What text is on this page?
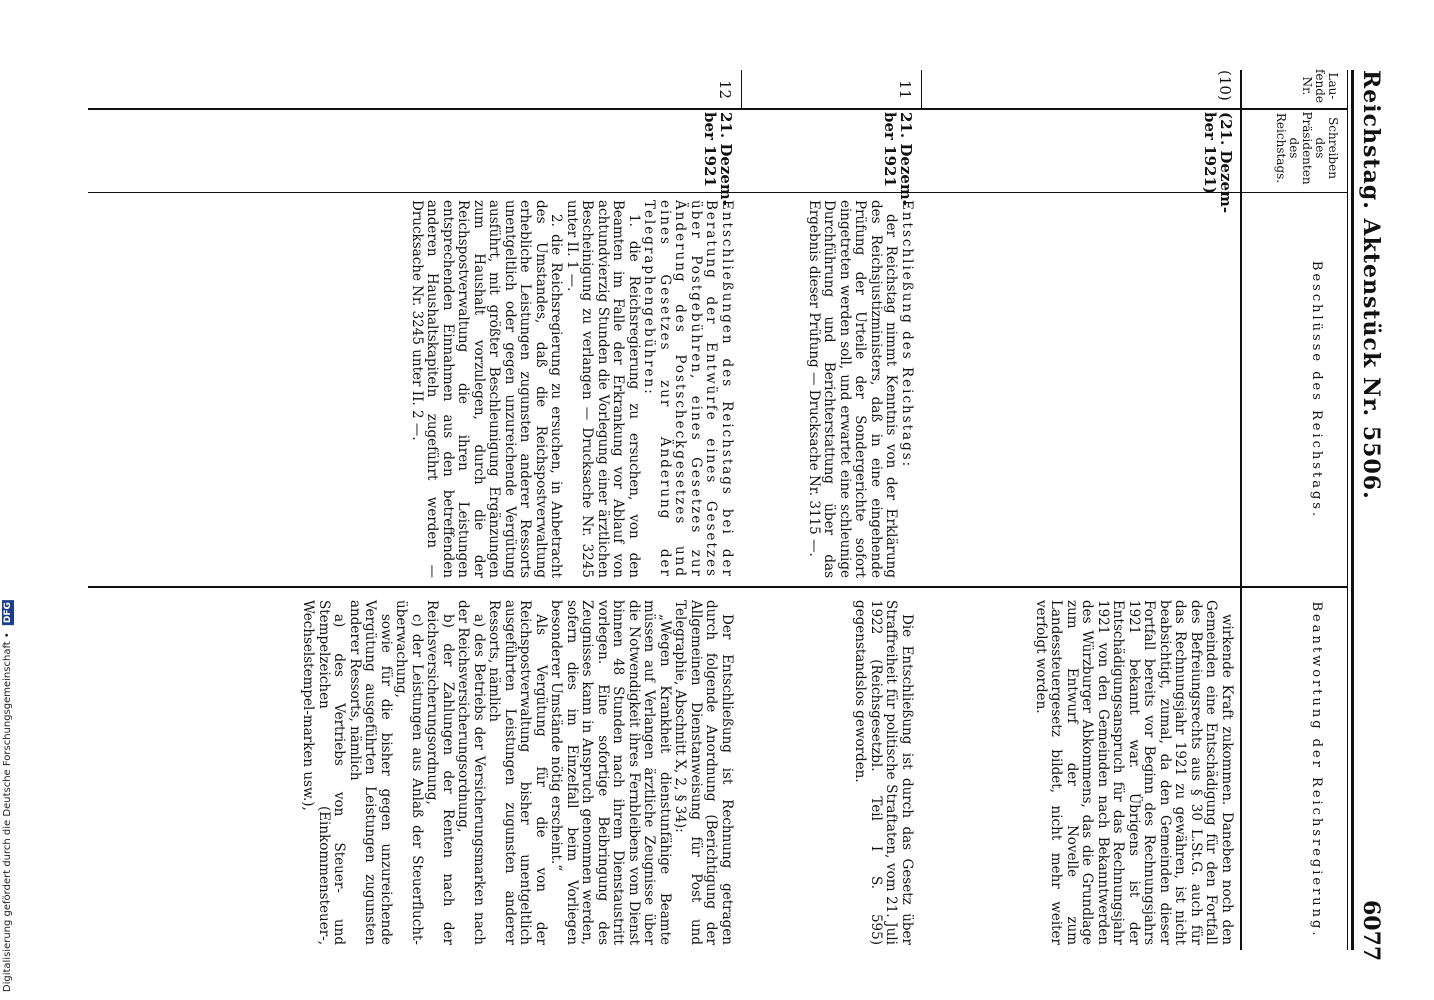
Reichstag. Aktenstück Nr. 5506.
6077
Lau-
fende
Nr.
Schreiben
des
Präsidenten
des
Reichstags.
Beschlüsse des Reichstags.
Beantwortung der Reichsregierung.
(10)
(21. Dezem-
ber 1921)

wirkende Kraft zukommen. Daneben noch den Gemeinden eine Entschädigung für den Fortfall des Befreiungsrechts aus § 30 L.St.G. auch für das Rechnungsjahr 1921 zu gewähren, ist nicht beabsichtigt, zumal, da den Gemeinden dieser Fortfall bereits vor Beginn des Rechnungsjahrs 1921 bekannt war. Übrigens ist der Entschädigungsanspruch für das Rechnungsjahr 1921 von den Gemeinden nach Bekanntwerden des Würzburger Abkommens, das die Grundlage zum Entwurf der Novelle zum Landessteuergesetz bildet, nicht mehr weiter verfolgt worden.

11
21. Dezem-
ber 1921

Entschließung des Reichstags:

der Reichstag nimmt Kenntnis von der Erklärung des Reichsjustizministers, daß in eine eingehende Prüfung der Urteile der Sondergerichte sofort eingetreten werden soll, und erwartet eine schleunige Durchführung und Berichterstattung über das Ergebnis dieser Prüfung — Drucksache Nr. 3115 —.

Die Entschließung ist durch das Gesetz über Straffreiheit für politische Straftaten, vom 21. Juli 1922 (Reichsgesetzbl. Teil I S. 595) gegenstandslos geworden.

12
21. Dezem-
ber 1921

Entschließungen des Reichstags bei der Beratung der Entwürfe eines Gesetzes über Postgebühren, eines Gesetzes zur Änderung des Postscheckgesetzes und eines Gesetzes zur Änderung der Telegraphengebühren:

1. die Reichsregierung zu ersuchen, von den Beamten im Falle der Erkrankung vor Ablauf von achtundvierzig Stunden die Vorlegung einer ärztlichen Bescheinigung zu verlangen — Drucksache Nr. 3245 unter II. 1 —.

2. die Reichsregierung zu ersuchen, in Anbetracht des Umstandes, daß die Reichspostverwaltung erhebliche Leistungen zugunsten anderer Ressorts unentgeltlich oder gegen unzureichende Vergütung ausführt, mit größter Beschleunigung Ergänzungen zum Haushalt vorzulegen, durch die der Reichspostverwaltung die ihren Leistungen entsprechenden Einnahmen aus den betreffenden anderen Haushaltskapiteln zugeführt werden — Drucksache Nr. 3245 unter II. 2 —.

Der Entschließung ist Rechnung getragen durch folgende Anordnung (Berichtigung der Allgemeinen Dienstanweisung für Post und Telegraphie, Abschnitt X, 2, § 34):

„Wegen Krankheit dienstunfähige Beamte müssen auf Verlangen ärztliche Zeugnisse über die Notwendigkeit ihres Fernbleibens vom Dienst binnen 48 Stunden nach ihrem Dienstaustritt vorlegen. Eine sofortige Beibringung des Zeugnisses kann in Anspruch genommen werden, sofern dies im Einzelfall beim Vorliegen besonderer Umstände nötig erscheint.“

Als Vergütung für die von der Reichspostverwaltung bisher unentgeltlich ausgeführten Leistungen zugunsten anderer Ressorts, nämlich

a) des Betriebs der Versicherungsmarken nach der Reichsversicherungsordnung,

b) der Zahlungen der Renten nach der Reichsversicherungsordnung,

c) der Leistungen aus Anlaß der Steuerflucht-überwachung,

sowie für die bisher gegen unzureichende Vergütung ausgeführten Leistungen zugunsten anderer Ressorts, nämlich

a) des Vertriebs von Steuer- und Stempelzeichen (Einkommensteuer-, Wechselstempel-marken usw.),

Digitalisierung gefördert durch die Deutsche Forschungsgemeinschaft • DFG
